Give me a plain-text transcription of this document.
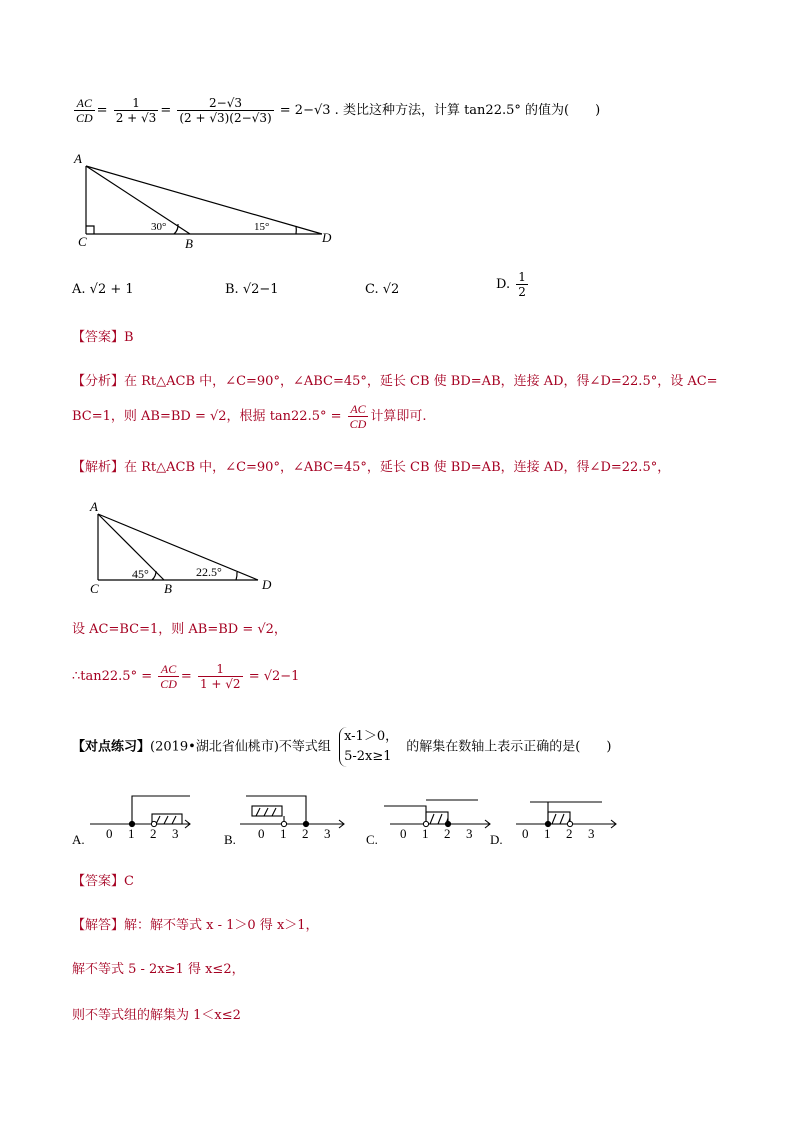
$\frac{AC}{CD} = \frac{1}{2 + √3} = \frac{2-√3}{(2 + √3)(2-√3)} = 2-√3$ . 类比这种方法，计算 tan22.5° 的值为(　　)
A
C	B	D
30°	15°
A. √2 + 1	B. √2−1	C. √2	D. $\frac{1}{2}$
【答案】B
【分析】在 Rt△ACB 中，∠C=90°，∠ABC=45°，延长 CB 使 BD=AB，连接 AD，得∠D=22.5°，设 AC=
BC=1，则 AB=BD = √2，根据 $\tan 22.5^\circ = \frac{AC}{CD}$ 计算即可.
【解析】在 Rt△ACB 中，∠C=90°，∠ABC=45°，延长 CB 使 BD=AB，连接 AD，得∠D=22.5°，
A
C	B	D
45°	22.5°
设 AC=BC=1，则 AB=BD = √2，
∴tan22.5° = $\frac{AC}{CD} = \frac{1}{1 + √2} = √2-1$
【对点练习】(2019•湖北省仙桃市)不等式组
x-1＞0，
5-2x≥1
的解集在数轴上表示正确的是(　　)
0 1 2 3	0 1 2 3	0 1 2 3	0 1 2 3
A.	B.	C.	D.
【答案】C
【解答】解：解不等式 x - 1＞0 得 x＞1，
解不等式 5 - 2x≥1 得 x≤2，
则不等式组的解集为 1＜x≤2
